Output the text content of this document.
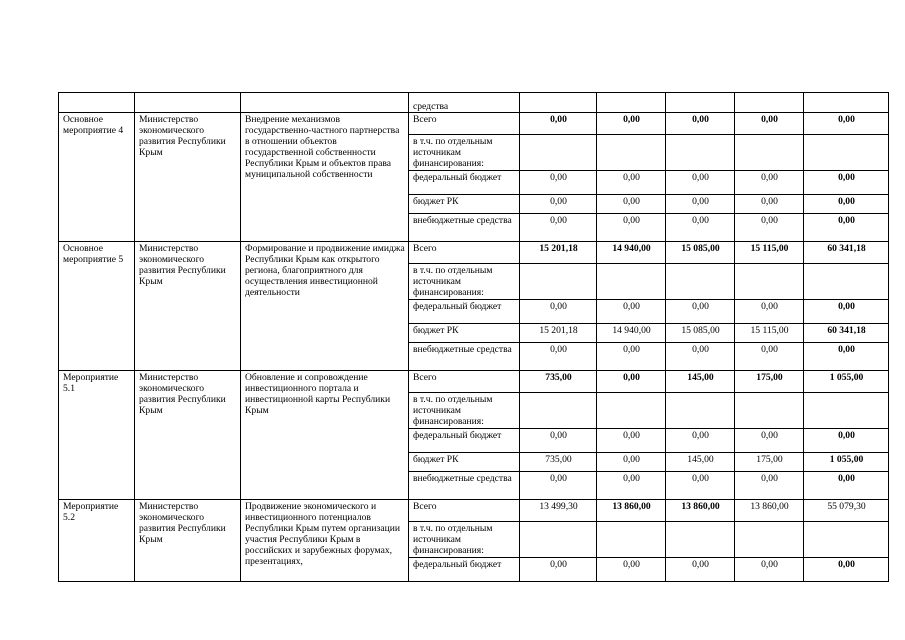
			средства					
Основное мероприятие 4	Министерство экономического развития Республики Крым	Внедрение механизмов государственно-частного партнерства в отношении объектов государственной собственности Республики Крым и объектов права муниципальной собственности	Всего	0,00	0,00	0,00	0,00	0,00
			в т.ч. по отдельным источникам финансирования:					
			федеральный бюджет	0,00	0,00	0,00	0,00	0,00
			бюджет РК	0,00	0,00	0,00	0,00	0,00
			внебюджетные средства	0,00	0,00	0,00	0,00	0,00
Основное мероприятие 5	Министерство экономического развития Республики Крым	Формирование и продвижение имиджа Республики Крым как открытого региона, благоприятного для осуществления инвестиционной деятельности	Всего	15 201,18	14 940,00	15 085,00	15 115,00	60 341,18
			в т.ч. по отдельным источникам финансирования:					
			федеральный бюджет	0,00	0,00	0,00	0,00	0,00
			бюджет РК	15 201,18	14 940,00	15 085,00	15 115,00	60 341,18
			внебюджетные средства	0,00	0,00	0,00	0,00	0,00
Мероприятие 5.1	Министерство экономического развития Республики Крым	Обновление и сопровождение инвестиционного портала и инвестиционной карты Республики Крым	Всего	735,00	0,00	145,00	175,00	1 055,00
			в т.ч. по отдельным источникам финансирования:					
			федеральный бюджет	0,00	0,00	0,00	0,00	0,00
			бюджет РК	735,00	0,00	145,00	175,00	1 055,00
			внебюджетные средства	0,00	0,00	0,00	0,00	0,00
Мероприятие 5.2	Министерство экономического развития Республики Крым	Продвижение экономического и инвестиционного потенциалов Республики Крым путем организации участия Республики Крым в российских и зарубежных форумах, презентациях,	Всего	13 499,30	13 860,00	13 860,00	13 860,00	55 079,30
			в т.ч. по отдельным источникам финансирования:					
			федеральный бюджет	0,00	0,00	0,00	0,00	0,00
